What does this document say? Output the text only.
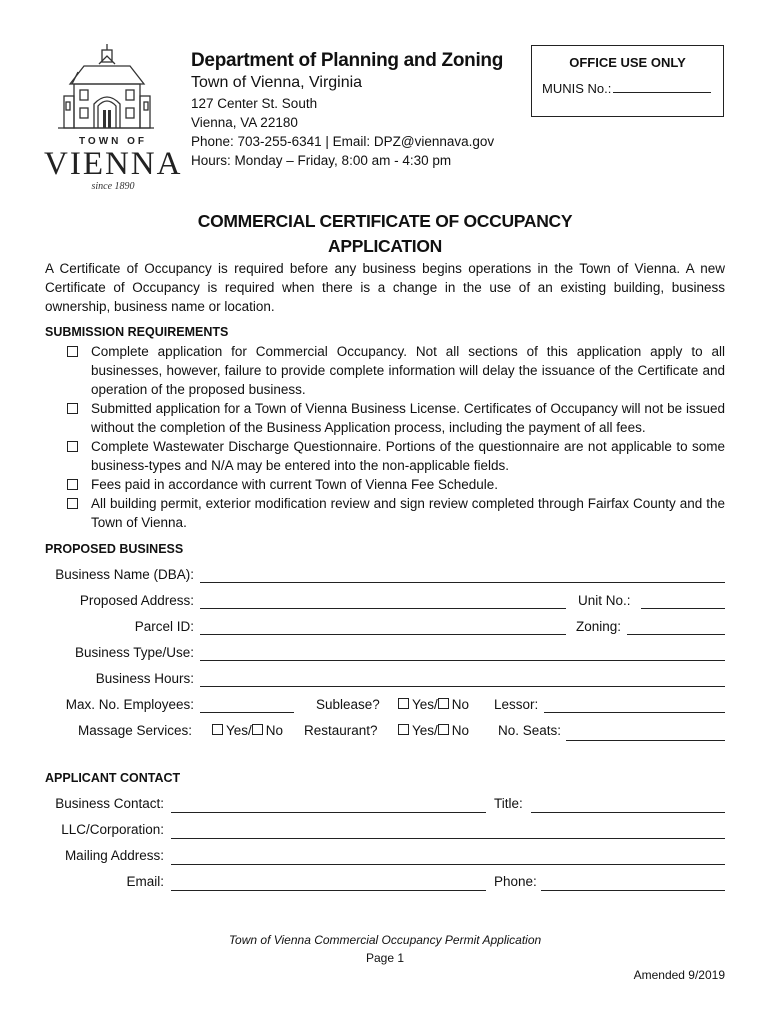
TOWN OF
VIENNA
since 1890
Department of Planning and Zoning
Town of Vienna, Virginia
127 Center St. South
Vienna, VA 22180
Phone: 703-255-6341 | Email: DPZ@viennava.gov
Hours: Monday – Friday, 8:00 am - 4:30 pm
OFFICE USE ONLY
MUNIS No.:
COMMERCIAL CERTIFICATE OF OCCUPANCY
APPLICATION
A Certificate of Occupancy is required before any business begins operations in the Town of Vienna. A new Certificate of Occupancy is required when there is a change in the use of an existing building, business ownership, business name or location.
SUBMISSION REQUIREMENTS
Complete application for Commercial Occupancy. Not all sections of this application apply to all businesses, however, failure to provide complete information will delay the issuance of the Certificate and operation of the proposed business.
Submitted application for a Town of Vienna Business License. Certificates of Occupancy will not be issued without the completion of the Business Application process, including the payment of all fees.
Complete Wastewater Discharge Questionnaire. Portions of the questionnaire are not applicable to some business-types and N/A may be entered into the non-applicable fields.
Fees paid in accordance with current Town of Vienna Fee Schedule.
All building permit, exterior modification review and sign review completed through Fairfax County and the Town of Vienna.
PROPOSED BUSINESS
Business Name (DBA):
Proposed Address:	Unit No.:
Parcel ID:	Zoning:
Business Type/Use:
Business Hours:
Max. No. Employees:	Sublease?	Yes/ No Lessor:
Massage Services:	Yes/ No Restaurant?	Yes/ No No. Seats:
APPLICANT CONTACT
Business Contact:	Title:
LLC/Corporation:
Mailing Address:
Email:	Phone:
Town of Vienna Commercial Occupancy Permit Application
Page 1
Amended 9/2019
